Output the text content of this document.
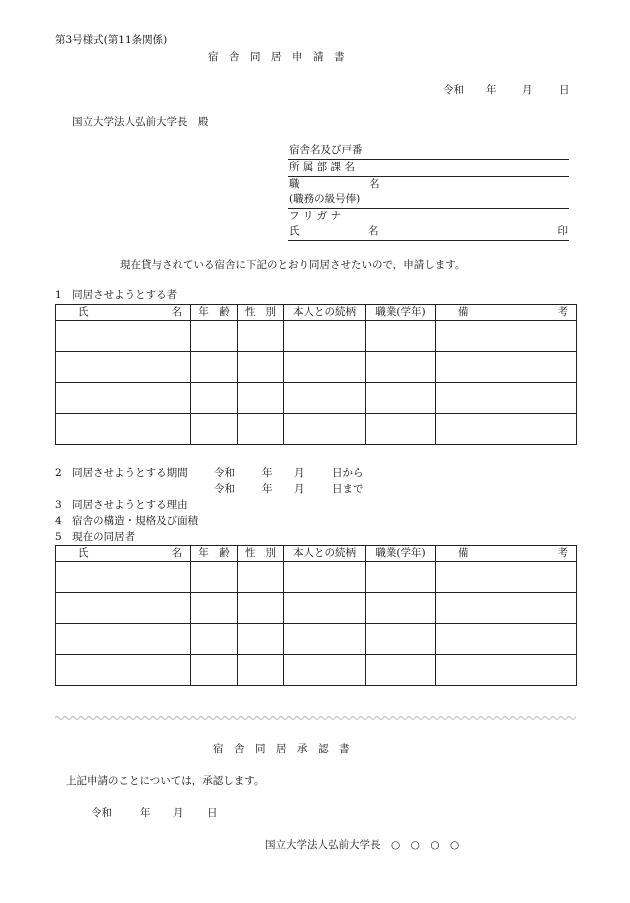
第3号様式(第11条関係)
宿　舎　同　居　申　請　書
令和 年 月	日
国立大学法人弘前大学長　殿
宿舎名及び戸番
所 属 部 課 名
職	名
(職務の級号俸)
フ リ ガ ナ
氏	名	印
現在貸与されている宿舎に下記のとおり同居させたいので，申請します。
1　同居させようとする者
氏 名	年 齢	性 別	本人との続柄	職業(学年)	備 考

2　同居させようとする期間	令和	年 月	日から
令和	年 月	日まで
3　同居させようとする理由
4　宿舎の構造・規格及び面積
5　現在の同居者
氏 名	年 齢	性 別	本人との続柄	職業(学年)	備 考

宿　舎　同　居　承　認　書
上記申請のことについては，承認します。
令和	年 月 日
国立大学法人弘前大学長　○　○　○　○
